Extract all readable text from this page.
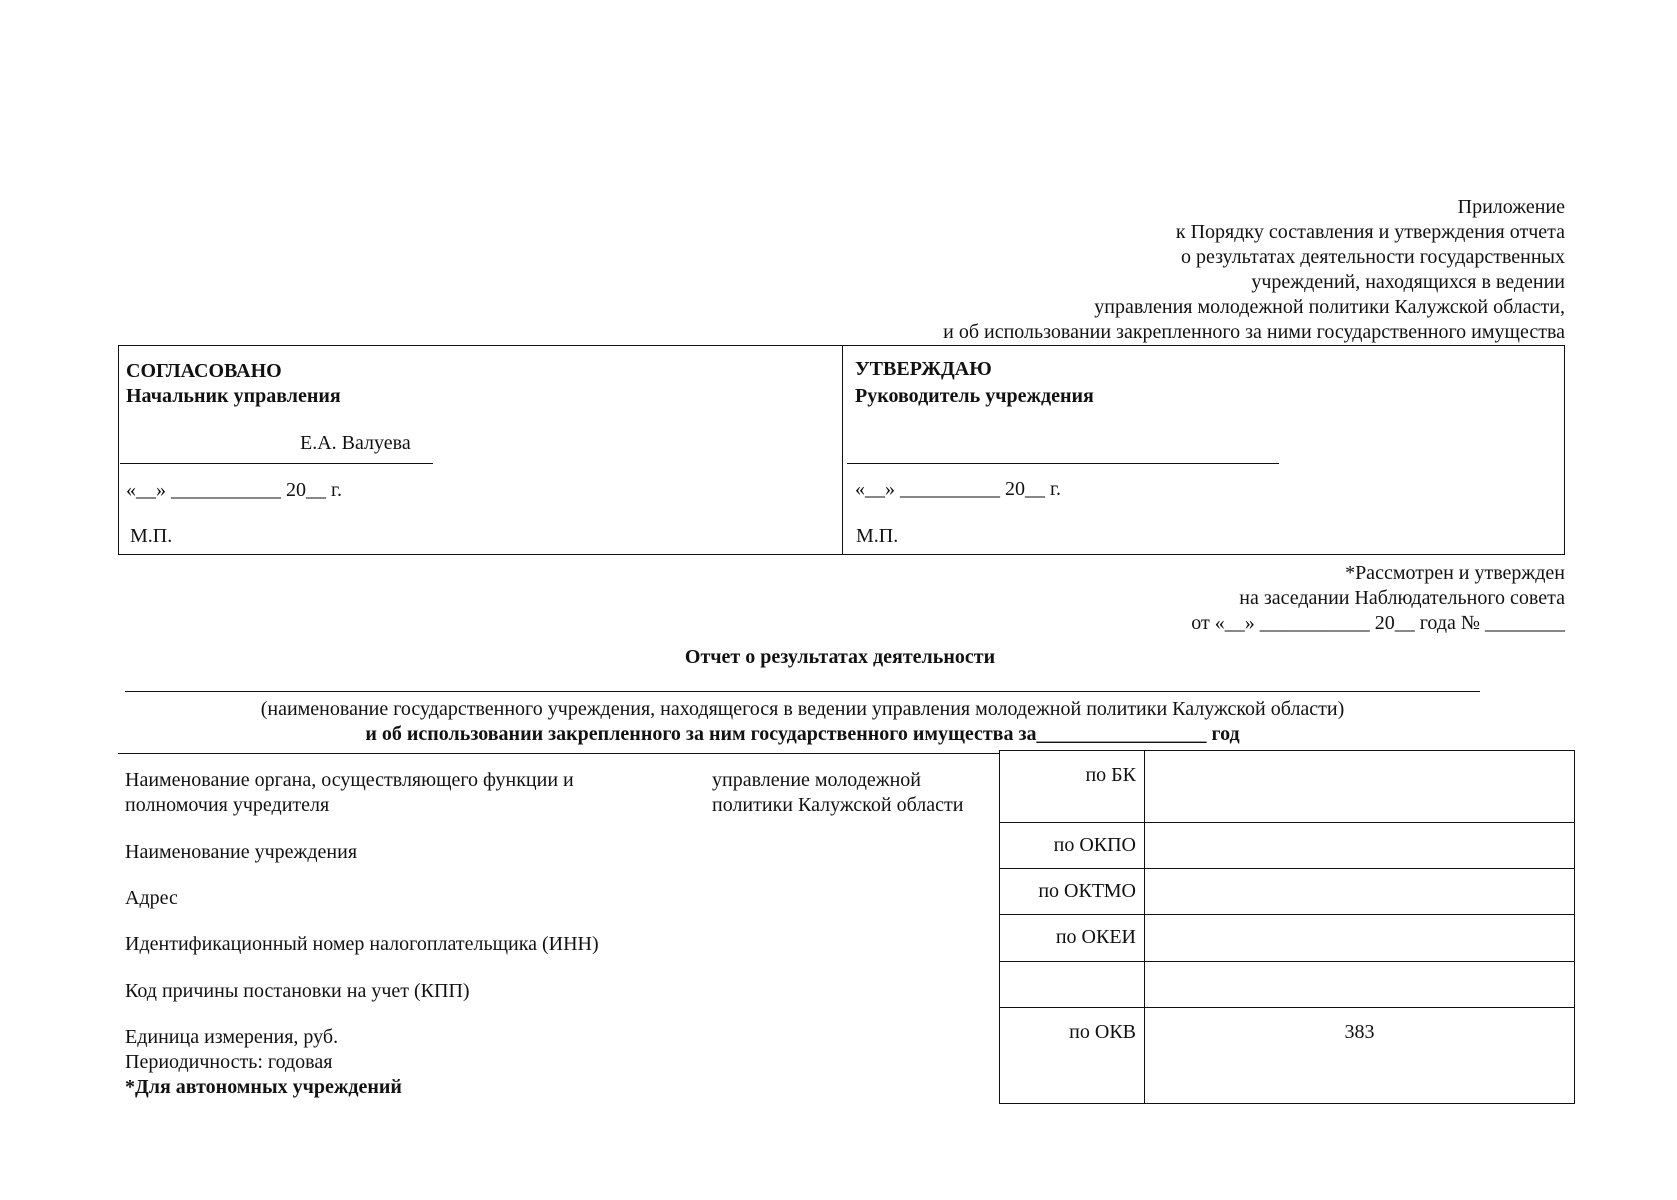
Приложение
к Порядку составления и утверждения отчета
о результатах деятельности государственных
учреждений, находящихся в ведении
управления молодежной политики Калужской области,
и об использовании закрепленного за ними государственного имущества
СОГЛАСОВАНО
Начальник управления
Е.А. Валуева
«__» ___________ 20__ г.
М.П.
УТВЕРЖДАЮ
Руководитель учреждения
«__» __________ 20__ г.
М.П.
*Рассмотрен и утвержден
на заседании Наблюдательного совета
от «__» ___________ 20__ года № ________
Отчет о результатах деятельности
(наименование государственного учреждения, находящегося в ведении управления молодежной политики Калужской области)
и об использовании закрепленного за ним государственного имущества за_________________ год
Наименование органа, осуществляющего функции и
полномочия учредителя
управление молодежной
политики Калужской области
Наименование учреждения
Адрес
Идентификационный номер налогоплательщика (ИНН)
Код причины постановки на учет (КПП)
Единица измерения, руб.
Периодичность: годовая
*Для автономных учреждений
по БК	
по ОКПО	
по ОКТМО	
по ОКЕИ	

по ОКВ	383
